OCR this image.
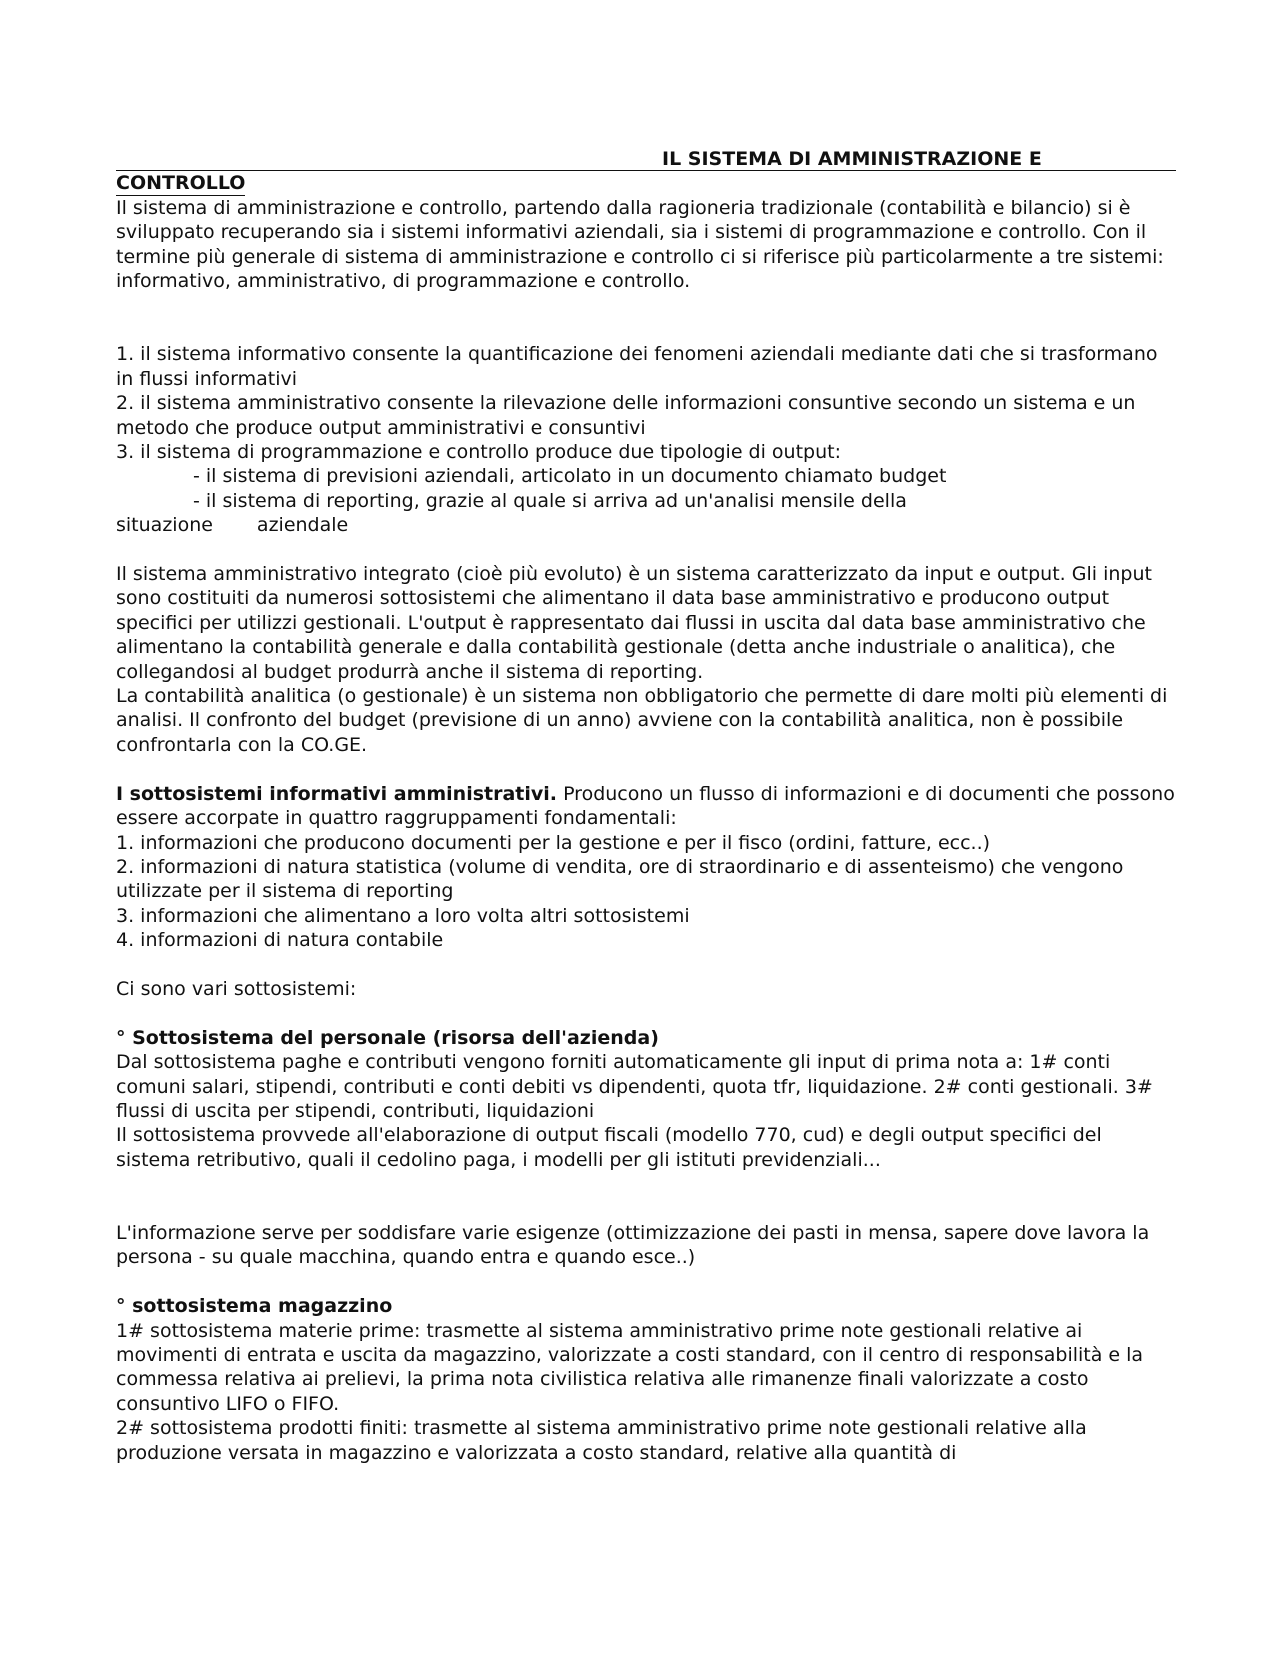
IL SISTEMA DI AMMINISTRAZIONE E
CONTROLLO

Il sistema di amministrazione e controllo, partendo dalla ragioneria tradizionale (contabilità e bilancio) si è sviluppato recuperando sia i sistemi informativi aziendali, sia i sistemi di programmazione e controllo. Con il termine più generale di sistema di amministrazione e controllo ci si riferisce più particolarmente a tre sistemi: informativo, amministrativo, di programmazione e controllo.

1. il sistema informativo consente la quantificazione dei fenomeni aziendali mediante dati che si trasformano in flussi informativi

2. il sistema amministrativo consente la rilevazione delle informazioni consuntive secondo un sistema e un metodo che produce output amministrativi e consuntivi

3. il sistema di programmazione e controllo produce due tipologie di output:

- il sistema di previsioni aziendali, articolato in un documento chiamato budget

- il sistema di reporting, grazie al quale si arriva ad un'analisi mensile della

situazione aziendale

Il sistema amministrativo integrato (cioè più evoluto) è un sistema caratterizzato da input e output. Gli input sono costituiti da numerosi sottosistemi che alimentano il data base amministrativo e producono output specifici per utilizzi gestionali. L'output è rappresentato dai flussi in uscita dal data base amministrativo che alimentano la contabilità generale e dalla contabilità gestionale (detta anche industriale o analitica), che collegandosi al budget produrrà anche il sistema di reporting.

La contabilità analitica (o gestionale) è un sistema non obbligatorio che permette di dare molti più elementi di analisi. Il confronto del budget (previsione di un anno) avviene con la contabilità analitica, non è possibile confrontarla con la CO.GE.

I sottosistemi informativi amministrativi. Producono un flusso di informazioni e di documenti che possono essere accorpate in quattro raggruppamenti fondamentali:

1. informazioni che producono documenti per la gestione e per il fisco (ordini, fatture, ecc..)

2. informazioni di natura statistica (volume di vendita, ore di straordinario e di assenteismo) che vengono utilizzate per il sistema di reporting

3. informazioni che alimentano a loro volta altri sottosistemi

4. informazioni di natura contabile

Ci sono vari sottosistemi:

° Sottosistema del personale (risorsa dell'azienda)

Dal sottosistema paghe e contributi vengono forniti automaticamente gli input di prima nota a: 1# conti comuni salari, stipendi, contributi e conti debiti vs dipendenti, quota tfr, liquidazione. 2# conti gestionali. 3# flussi di uscita per stipendi, contributi, liquidazioni

Il sottosistema provvede all'elaborazione di output fiscali (modello 770, cud) e degli output specifici del sistema retributivo, quali il cedolino paga, i modelli per gli istituti previdenziali...

L'informazione serve per soddisfare varie esigenze (ottimizzazione dei pasti in mensa, sapere dove lavora la persona - su quale macchina, quando entra e quando esce..)

° sottosistema magazzino

1# sottosistema materie prime: trasmette al sistema amministrativo prime note gestionali relative ai movimenti di entrata e uscita da magazzino, valorizzate a costi standard, con il centro di responsabilità e la commessa relativa ai prelievi, la prima nota civilistica relativa alle rimanenze finali valorizzate a costo consuntivo LIFO o FIFO.

2# sottosistema prodotti finiti: trasmette al sistema amministrativo prime note gestionali relative alla produzione versata in magazzino e valorizzata a costo standard, relative alla quantità di
